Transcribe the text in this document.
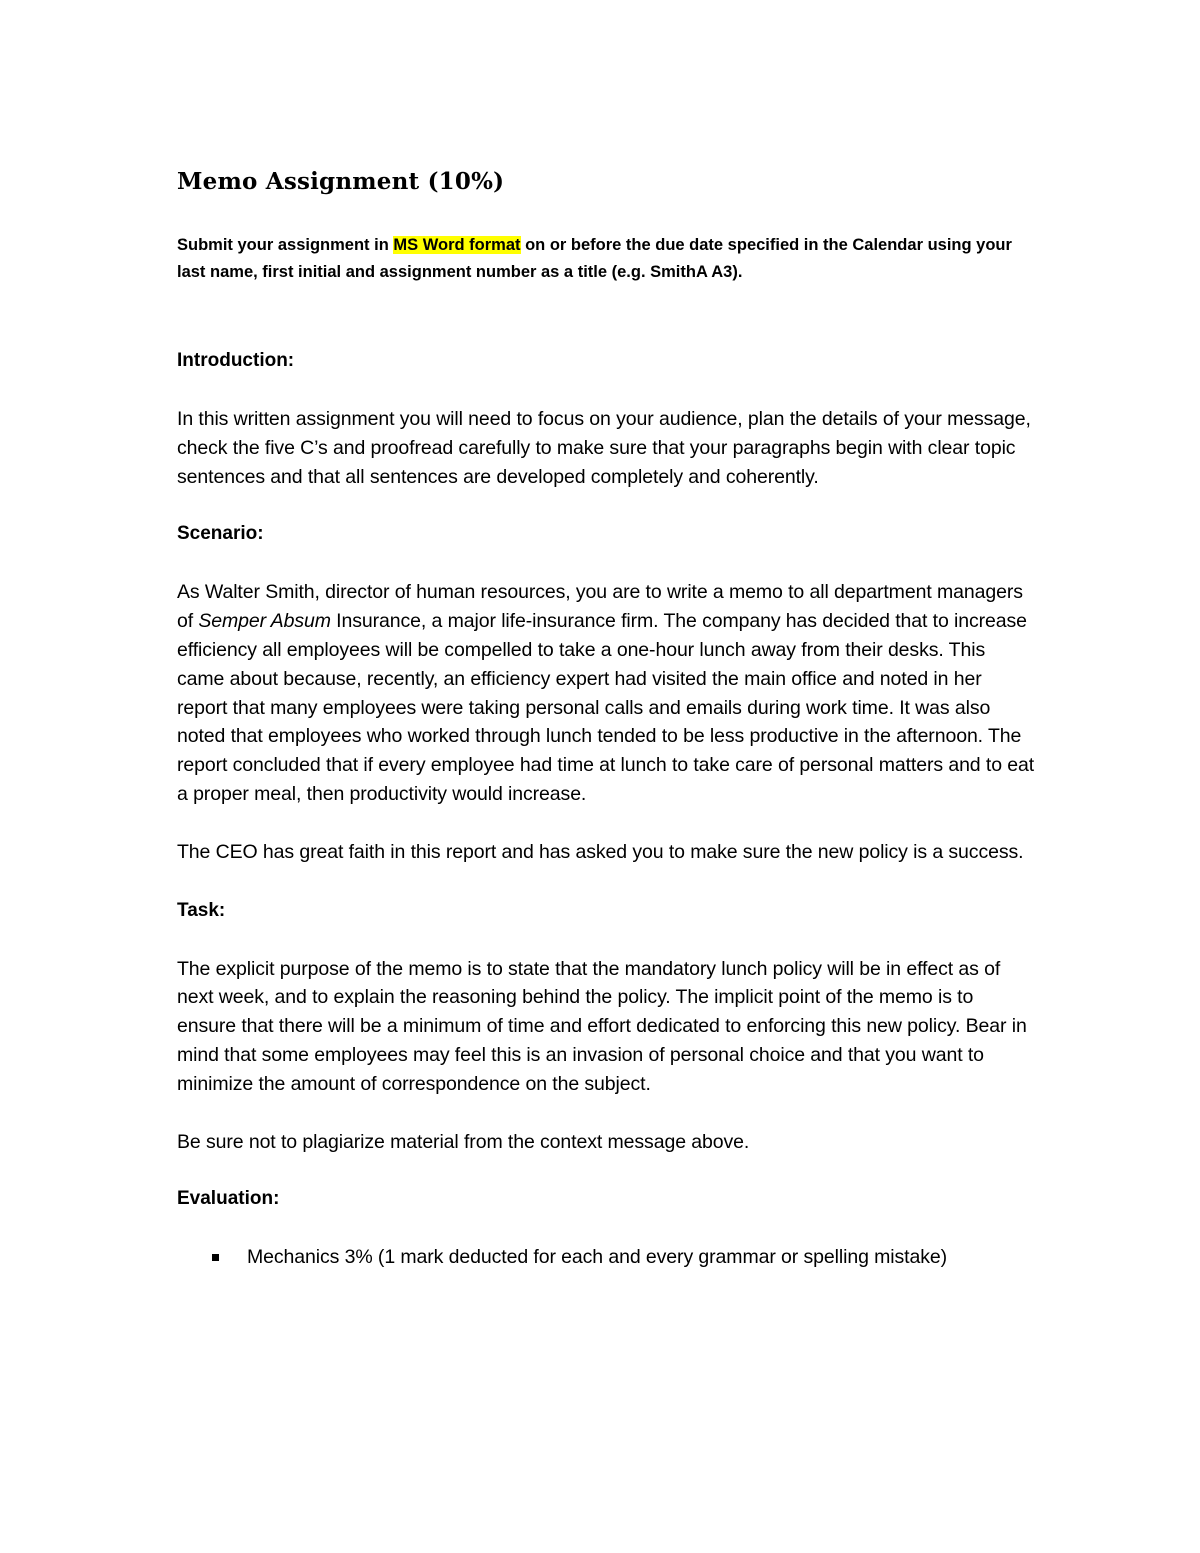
Memo Assignment (10%)
Submit your assignment in MS Word format on or before the due date specified in the Calendar using your last name, first initial and assignment number as a title (e.g. SmithA A3).
Introduction:
In this written assignment you will need to focus on your audience, plan the details of your message, check the five C’s and proofread carefully to make sure that your paragraphs begin with clear topic sentences and that all sentences are developed completely and coherently.
Scenario:
As Walter Smith, director of human resources, you are to write a memo to all department managers of Semper Absum Insurance, a major life-insurance firm. The company has decided that to increase efficiency all employees will be compelled to take a one-hour lunch away from their desks. This came about because, recently, an efficiency expert had visited the main office and noted in her report that many employees were taking personal calls and emails during work time. It was also noted that employees who worked through lunch tended to be less productive in the afternoon. The report concluded that if every employee had time at lunch to take care of personal matters and to eat a proper meal, then productivity would increase.
The CEO has great faith in this report and has asked you to make sure the new policy is a success.
Task:
The explicit purpose of the memo is to state that the mandatory lunch policy will be in effect as of next week, and to explain the reasoning behind the policy. The implicit point of the memo is to ensure that there will be a minimum of time and effort dedicated to enforcing this new policy. Bear in mind that some employees may feel this is an invasion of personal choice and that you want to minimize the amount of correspondence on the subject.
Be sure not to plagiarize material from the context message above.
Evaluation:
Mechanics 3% (1 mark deducted for each and every grammar or spelling mistake)
